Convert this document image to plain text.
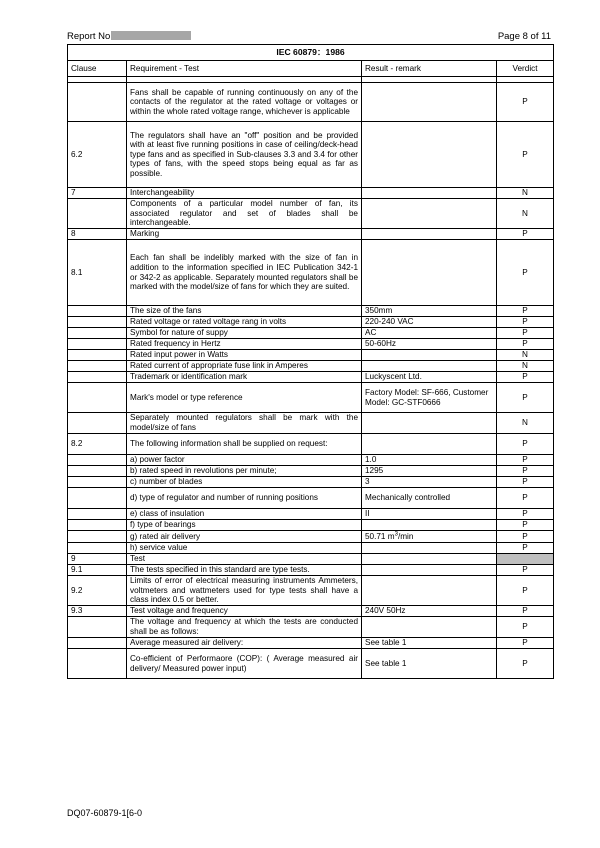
Report No	Page 8 of 11
IEC 60879：1986			
Clause	Requirement - Test	Result - remark	Verdict

	Fans shall be capable of running continuously on any of the contacts of the regulator at the rated voltage or voltages or within the whole rated voltage range, whichever is applicable		P
6.2	The regulators shall have an "off" position and be provided with at least five running positions in case of ceiling/deck-head type fans and as specified in Sub-clauses 3.3 and 3.4 for other types of fans, with the speed stops being equal as far as possible.		P
7	Interchangeability		N
	Components of a particular model number of fan, its associated regulator and set of blades shall be interchangeable.		N
8	Marking		P
8.1	Each fan shall be indelibly marked with the size of fan in addition to the information specified in IEC Publication 342-1 or 342-2 as applicable. Separately mounted regulators shall be marked with the model/size of fans for which they are suited.		P
	The size of the fans	350mm	P
	Rated voltage or rated voltage rang in volts	220-240 VAC	P
	Symbol for nature of suppy	AC	P
	Rated frequency in Hertz	50-60Hz	P
	Rated input power in Watts		N
	Rated current of appropriate fuse link in Amperes		N
	Trademark or identification mark	Luckyscent Ltd.	P
	Mark's model or type reference	Factory Model: SF-666, Customer Model: GC-STF0666	P
	Separately mounted regulators shall be mark with the model/size of fans		N
8.2	The following information shall be supplied on request:		P
	a) power factor	1.0	P
	b) rated speed in revolutions per minute;	1295	P
	c) number of blades	3	P
	d) type of regulator and number of running positions	Mechanically controlled	P
	e) class of insulation	II	P
	f) type of bearings		P
	g) rated air delivery	50.71 $m^3/\min$	P
	h) service value		P
9	Test		
9.1	The tests specified in this standard are type tests.		P
9.2	Limits of error of electrical measuring instruments Ammeters, voltmeters and wattmeters used for type tests shall have a class index 0.5 or better.		P
9.3	Test voltage and frequency	240V 50Hz	P
	The voltage and frequency at which the tests are conducted shall be as follows:		P
	Average measured air delivery:	See table 1	P
	Co-efficient of Performaore (COP): ( Average measured air delivery/ Measured power input)	See table 1	P
DQ07-60879-1[6-0
